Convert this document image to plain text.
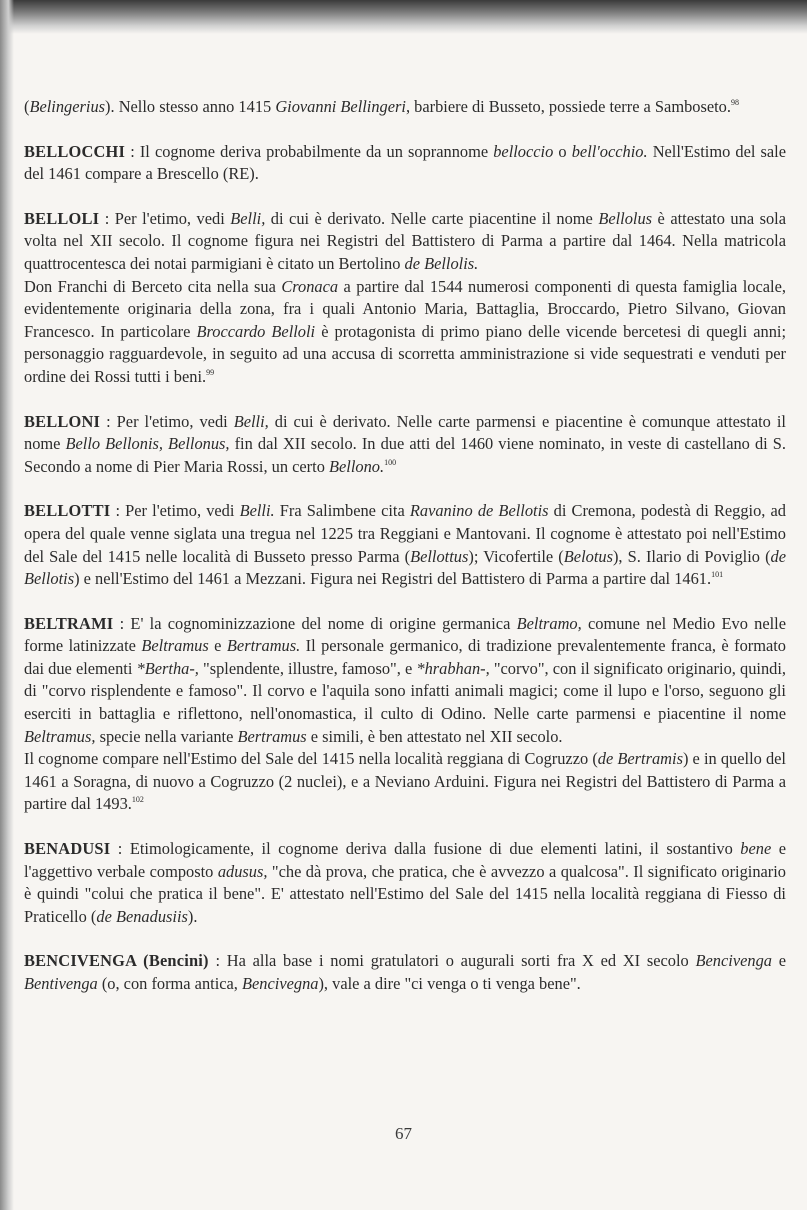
(Belingerius). Nello stesso anno 1415 Giovanni Bellingeri, barbiere di Busseto, possiede terre a Samboseto.$^{98}$

BELLOCCHI : Il cognome deriva probabilmente da un soprannome belloccio o bell'occhio. Nell'Estimo del sale del 1461 compare a Brescello (RE).

BELLOLI : Per l'etimo, vedi Belli, di cui è derivato. Nelle carte piacentine il nome Bellolus è attestato una sola volta nel XII secolo. Il cognome figura nei Registri del Battistero di Parma a partire dal 1464. Nella matricola quattrocentesca dei notai parmigiani è citato un Bertolino de Bellolis.

Don Franchi di Berceto cita nella sua Cronaca a partire dal 1544 numerosi componenti di questa famiglia locale, evidentemente originaria della zona, fra i quali Antonio Maria, Battaglia, Broccardo, Pietro Silvano, Giovan Francesco. In particolare Broccardo Belloli è protagonista di primo piano delle vicende bercetesi di quegli anni; personaggio ragguardevole, in seguito ad una accusa di scorretta amministrazione si vide sequestrati e venduti per ordine dei Rossi tutti i beni.$^{99}$

BELLONI : Per l'etimo, vedi Belli, di cui è derivato. Nelle carte parmensi e piacentine è comunque attestato il nome Bello Bellonis, Bellonus, fin dal XII secolo. In due atti del 1460 viene nominato, in veste di castellano di S. Secondo a nome di Pier Maria Rossi, un certo Bellono.$^{100}$

BELLOTTI : Per l'etimo, vedi Belli. Fra Salimbene cita Ravanino de Bellotis di Cremona, podestà di Reggio, ad opera del quale venne siglata una tregua nel 1225 tra Reggiani e Mantovani. Il cognome è attestato poi nell'Estimo del Sale del 1415 nelle località di Busseto presso Parma (Bellottus); Vicofertile (Belotus), S. Ilario di Poviglio (de Bellotis) e nell'Estimo del 1461 a Mezzani. Figura nei Registri del Battistero di Parma a partire dal 1461.$^{101}$

BELTRAMI : E' la cognominizzazione del nome di origine germanica Beltramo, comune nel Medio Evo nelle forme latinizzate Beltramus e Bertramus. Il personale germanico, di tradizione prevalentemente franca, è formato dai due elementi *Bertha-, "splendente, illustre, famoso", e *hrabhan-, "corvo", con il significato originario, quindi, di "corvo risplendente e famoso". Il corvo e l'aquila sono infatti animali magici; come il lupo e l'orso, seguono gli eserciti in battaglia e riflettono, nell'onomastica, il culto di Odino. Nelle carte parmensi e piacentine il nome Beltramus, specie nella variante Bertramus e simili, è ben attestato nel XII secolo.

Il cognome compare nell'Estimo del Sale del 1415 nella località reggiana di Cogruzzo (de Bertramis) e in quello del 1461 a Soragna, di nuovo a Cogruzzo (2 nuclei), e a Neviano Arduini. Figura nei Registri del Battistero di Parma a partire dal 1493.$^{102}$

BENADUSI : Etimologicamente, il cognome deriva dalla fusione di due elementi latini, il sostantivo bene e l'aggettivo verbale composto adusus, "che dà prova, che pratica, che è avvezzo a qualcosa". Il significato originario è quindi "colui che pratica il bene". E' attestato nell'Estimo del Sale del 1415 nella località reggiana di Fiesso di Praticello (de Benadusiis).

BENCIVENGA (Bencini) : Ha alla base i nomi gratulatori o augurali sorti fra X ed XI secolo Bencivenga e Bentivenga (o, con forma antica, Bencivegna), vale a dire "ci venga o ti venga bene".

67
